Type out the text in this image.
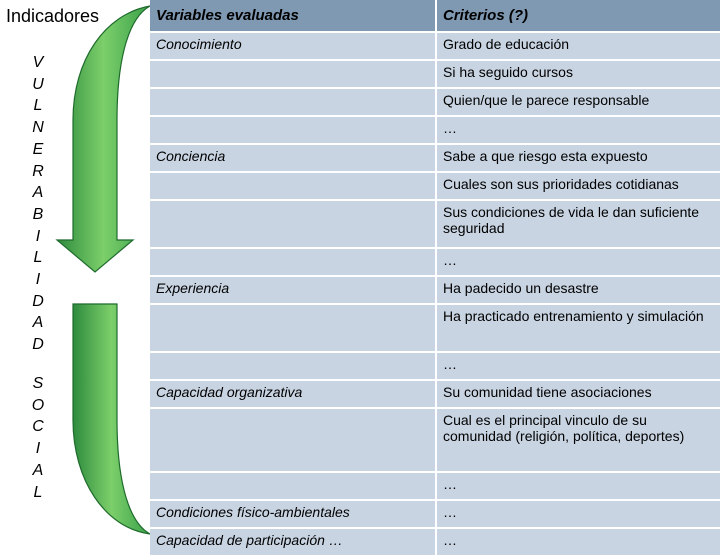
Indicadores
V
U
L
N
E
R
A
B
I
L
I
D
A
D
S
O
C
I
A
L
Variables evaluadas	Criterios (?)

Conocimiento	Grado de educación

	Si ha seguido cursos

	Quien/que le parece responsable

	…

Conciencia	Sabe a que riesgo esta expuesto

	Cuales son sus prioridades cotidianas

	Sus condiciones de vida le dan suficiente seguridad

	…

Experiencia	Ha padecido un desastre

	Ha practicado entrenamiento y simulación

	…

Capacidad organizativa	Su comunidad tiene asociaciones

	Cual es el principal vinculo de su comunidad (religión, política, deportes)

	…

Condiciones físico-ambientales	…

Capacidad de participación …	…
